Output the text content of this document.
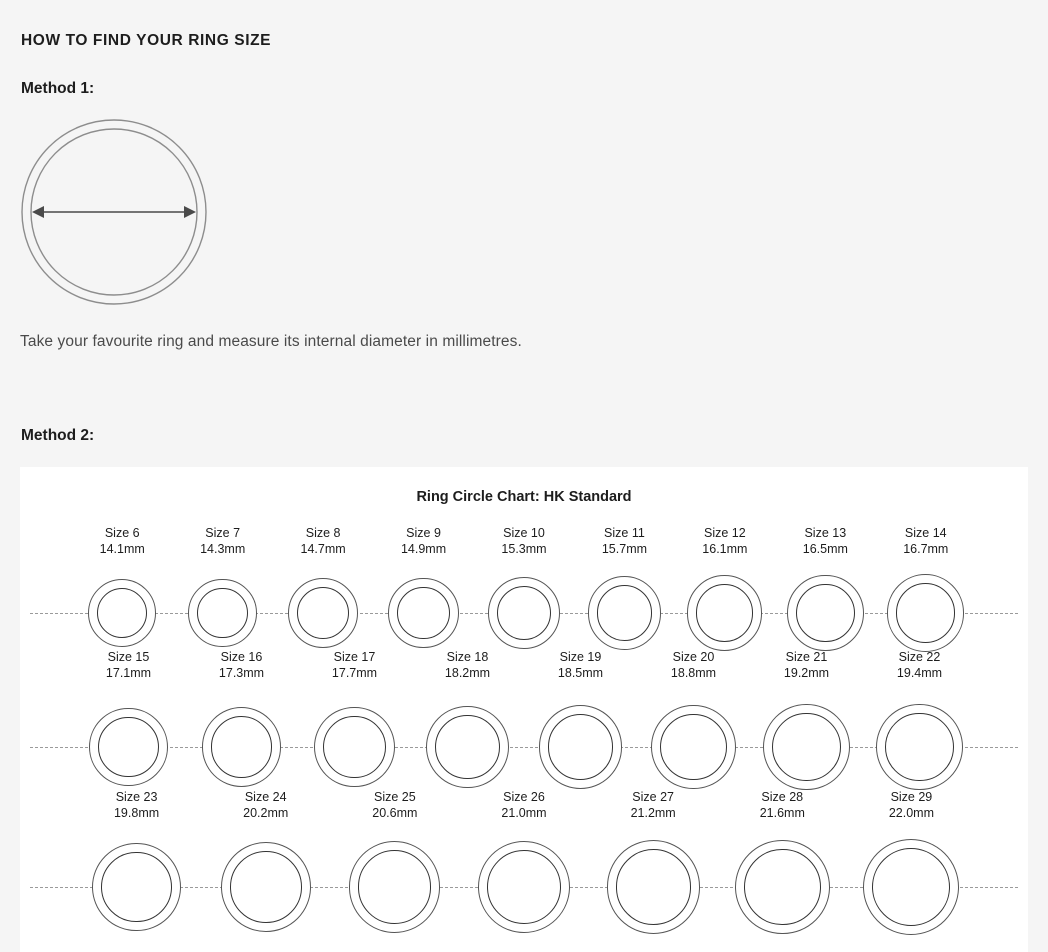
HOW TO FIND YOUR RING SIZE
Method 1:
Take your favourite ring and measure its internal diameter in millimetres.
Method 2:
Ring Circle Chart: HK Standard
Size 6
14.1mm
Size 7
14.3mm
Size 8
14.7mm
Size 9
14.9mm
Size 10
15.3mm
Size 11
15.7mm
Size 12
16.1mm
Size 13
16.5mm
Size 14
16.7mm
Size 15
17.1mm
Size 16
17.3mm
Size 17
17.7mm
Size 18
18.2mm
Size 19
18.5mm
Size 20
18.8mm
Size 21
19.2mm
Size 22
19.4mm
Size 23
19.8mm
Size 24
20.2mm
Size 25
20.6mm
Size 26
21.0mm
Size 27
21.2mm
Size 28
21.6mm
Size 29
22.0mm
